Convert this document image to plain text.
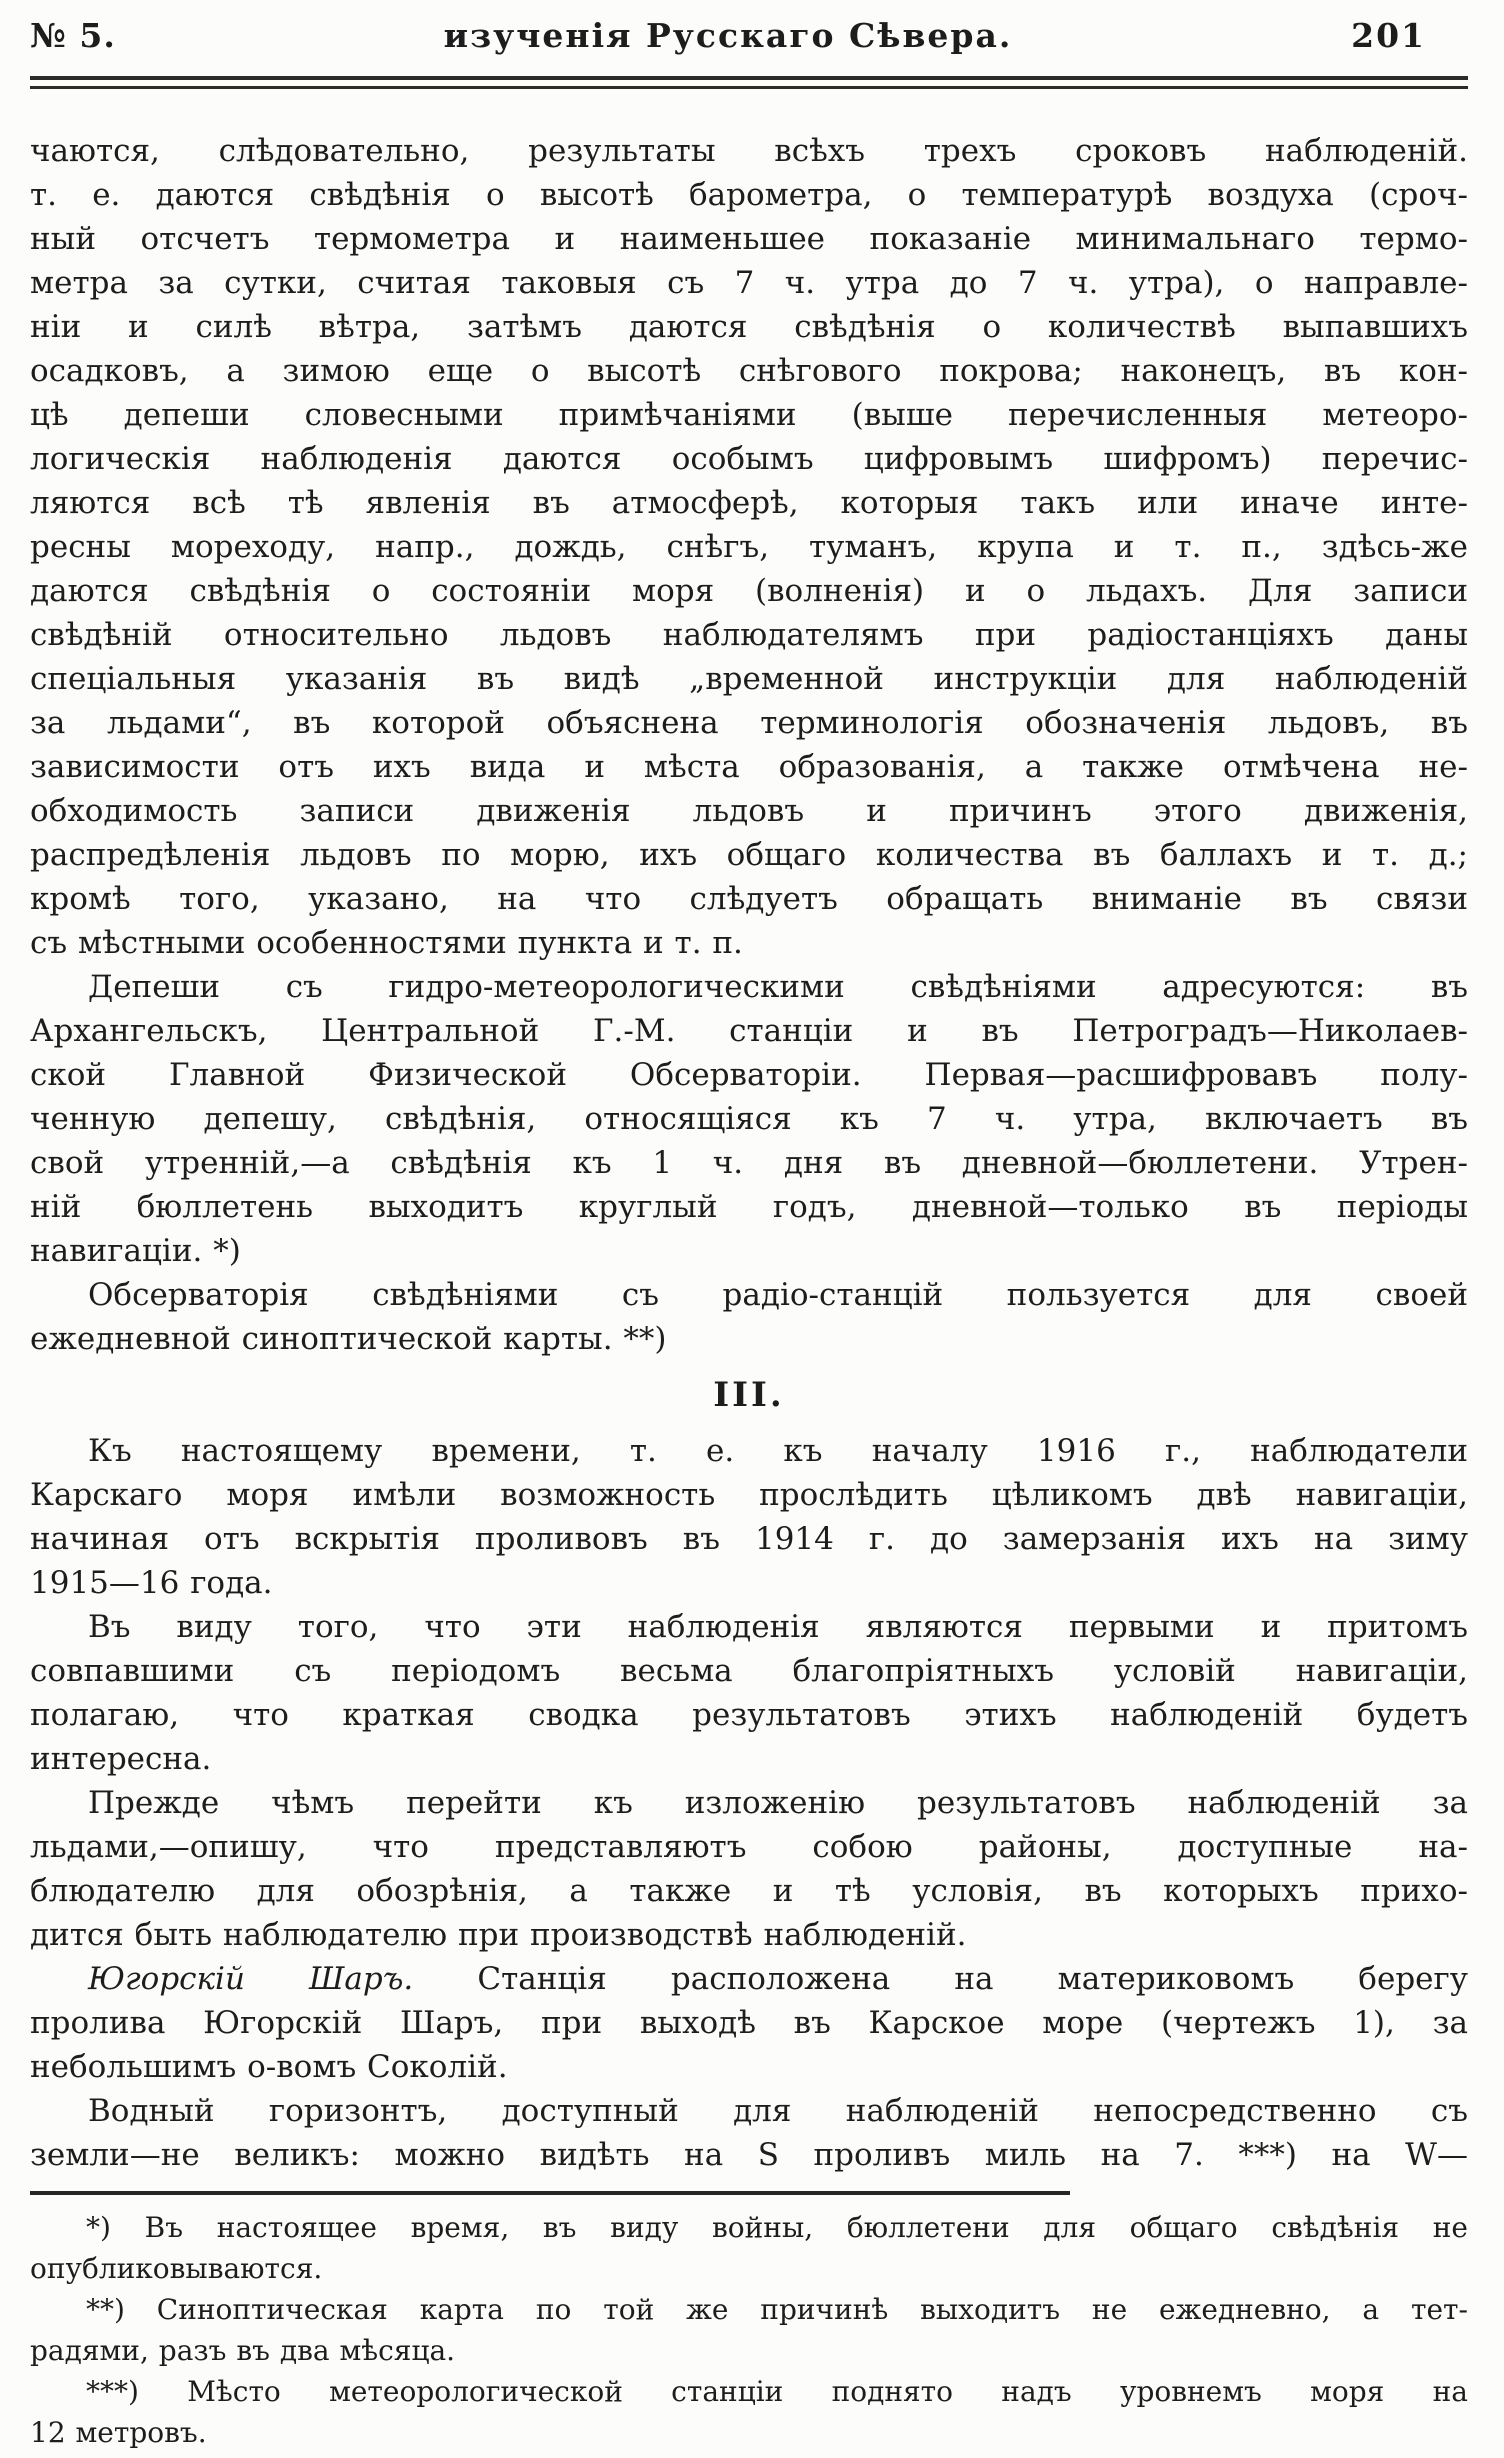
№ 5.	изученія Русскаго Сѣвера.	201
чаются, слѣдовательно, результаты всѣхъ трехъ сроковъ наблюденій.
т. е. даются свѣдѣнія о высотѣ барометра, о температурѣ воздуха (сроч-
ный отсчетъ термометра и наименьшее показаніе минимальнаго термо-
метра за сутки, считая таковыя съ 7 ч. утра до 7 ч. утра), о направле-
ніи и силѣ вѣтра, затѣмъ даются свѣдѣнія о количествѣ выпавшихъ
осадковъ, а зимою еще о высотѣ снѣгового покрова; наконецъ, въ кон-
цѣ депеши словесными примѣчаніями (выше перечисленныя метеоро-
логическія наблюденія даются особымъ цифровымъ шифромъ) перечис-
ляются всѣ тѣ явленія въ атмосферѣ, которыя такъ или иначе инте-
ресны мореходу, напр., дождь, снѣгъ, туманъ, крупа и т. п., здѣсь-же
даются свѣдѣнія о состояніи моря (волненія) и о льдахъ. Для записи
свѣдѣній относительно льдовъ наблюдателямъ при радіостанціяхъ даны
спеціальныя указанія въ видѣ „временной инструкціи для наблюденій
за льдами“, въ которой объяснена терминологія обозначенія льдовъ, въ
зависимости отъ ихъ вида и мѣста образованія, а также отмѣчена не-
обходимость записи движенія льдовъ и причинъ этого движенія,
распредѣленія льдовъ по морю, ихъ общаго количества въ баллахъ и т. д.;
кромѣ того, указано, на что слѣдуетъ обращать вниманіе въ связи
съ мѣстными особенностями пункта и т. п.
Депеши съ гидро-метеорологическими свѣдѣніями адресуются: въ
Архангельскъ, Центральной Г.-М. станціи и въ Петроградъ—Николаев-
ской Главной Физической Обсерваторіи. Первая—расшифровавъ полу-
ченную депешу, свѣдѣнія, относящіяся къ 7 ч. утра, включаетъ въ
свой утренній,—а свѣдѣнія къ 1 ч. дня въ дневной—бюллетени. Утрен-
ній бюллетень выходитъ круглый годъ, дневной—только въ періоды
навигаціи. *)
Обсерваторія свѣдѣніями съ радіо-станцій пользуется для своей
ежедневной синоптической карты. **)
III.
Къ настоящему времени, т. е. къ началу 1916 г., наблюдатели
Карскаго моря имѣли возможность прослѣдить цѣликомъ двѣ навигаціи,
начиная отъ вскрытія проливовъ въ 1914 г. до замерзанія ихъ на зиму
1915—16 года.
Въ виду того, что эти наблюденія являются первыми и притомъ
совпавшими съ періодомъ весьма благопріятныхъ условій навигаціи,
полагаю, что краткая сводка результатовъ этихъ наблюденій будетъ
интересна.
Прежде чѣмъ перейти къ изложенію результатовъ наблюденій за
льдами,—опишу, что представляютъ собою районы, доступные на-
блюдателю для обозрѣнія, а также и тѣ условія, въ которыхъ прихо-
дится быть наблюдателю при производствѣ наблюденій.
Югорскій Шаръ. Станція расположена на материковомъ берегу
пролива Югорскій Шаръ, при выходѣ въ Карское море (чертежъ 1), за
небольшимъ о-вомъ Соколій.
Водный горизонтъ, доступный для наблюденій непосредственно съ
земли—не великъ: можно видѣть на S проливъ миль на 7. ***) на W—
*) Въ настоящее время, въ виду войны, бюллетени для общаго свѣдѣнія не
опубликовываются.
**) Синоптическая карта по той же причинѣ выходитъ не ежедневно, а тет-
радями, разъ въ два мѣсяца.
***) Мѣсто метеорологической станціи поднято надъ уровнемъ моря на
12 метровъ.
